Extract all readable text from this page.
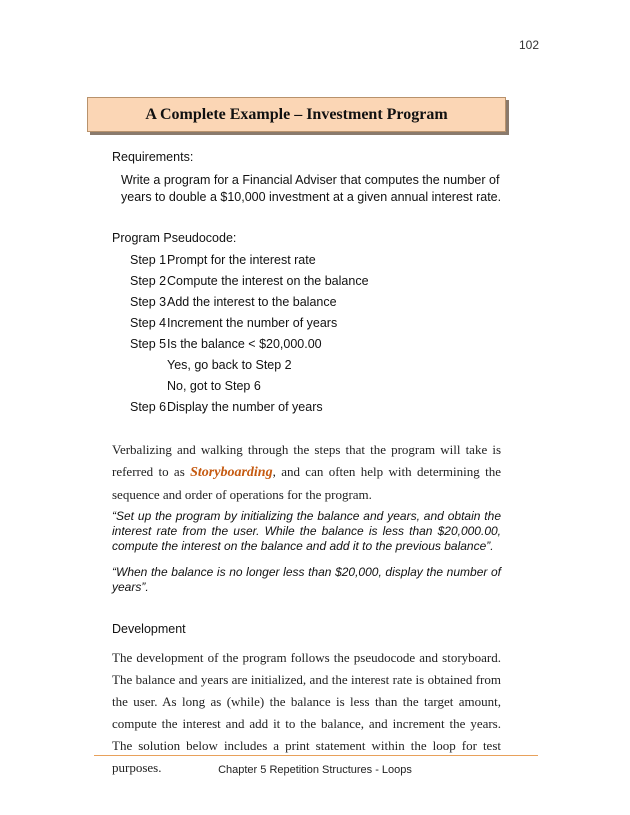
102
A Complete Example – Investment Program
Requirements:
Write a program for a Financial Adviser that computes the number of years to double a $10,000 investment at a given annual interest rate.
Program Pseudocode:
Step 1Prompt for the interest rate
Step 2Compute the interest on the balance
Step 3Add the interest to the balance
Step 4Increment the number of years
Step 5Is the balance < $20,000.00
Yes, go back to Step 2
No, got to Step 6
Step 6Display the number of years
Verbalizing and walking through the steps that the program will take is referred to as Storyboarding, and can often help with determining the sequence and order of operations for the program.
“Set up the program by initializing the balance and years, and obtain the interest rate from the user. While the balance is less than $20,000.00, compute the interest on the balance and add it to the previous balance”.
“When the balance is no longer less than $20,000, display the number of years”.
Development
The development of the program follows the pseudocode and storyboard. The balance and years are initialized, and the interest rate is obtained from the user. As long as (while) the balance is less than the target amount, compute the interest and add it to the balance, and increment the years. The solution below includes a print statement within the loop for test purposes.	Chapter 5 Repetition Structures - Loops
